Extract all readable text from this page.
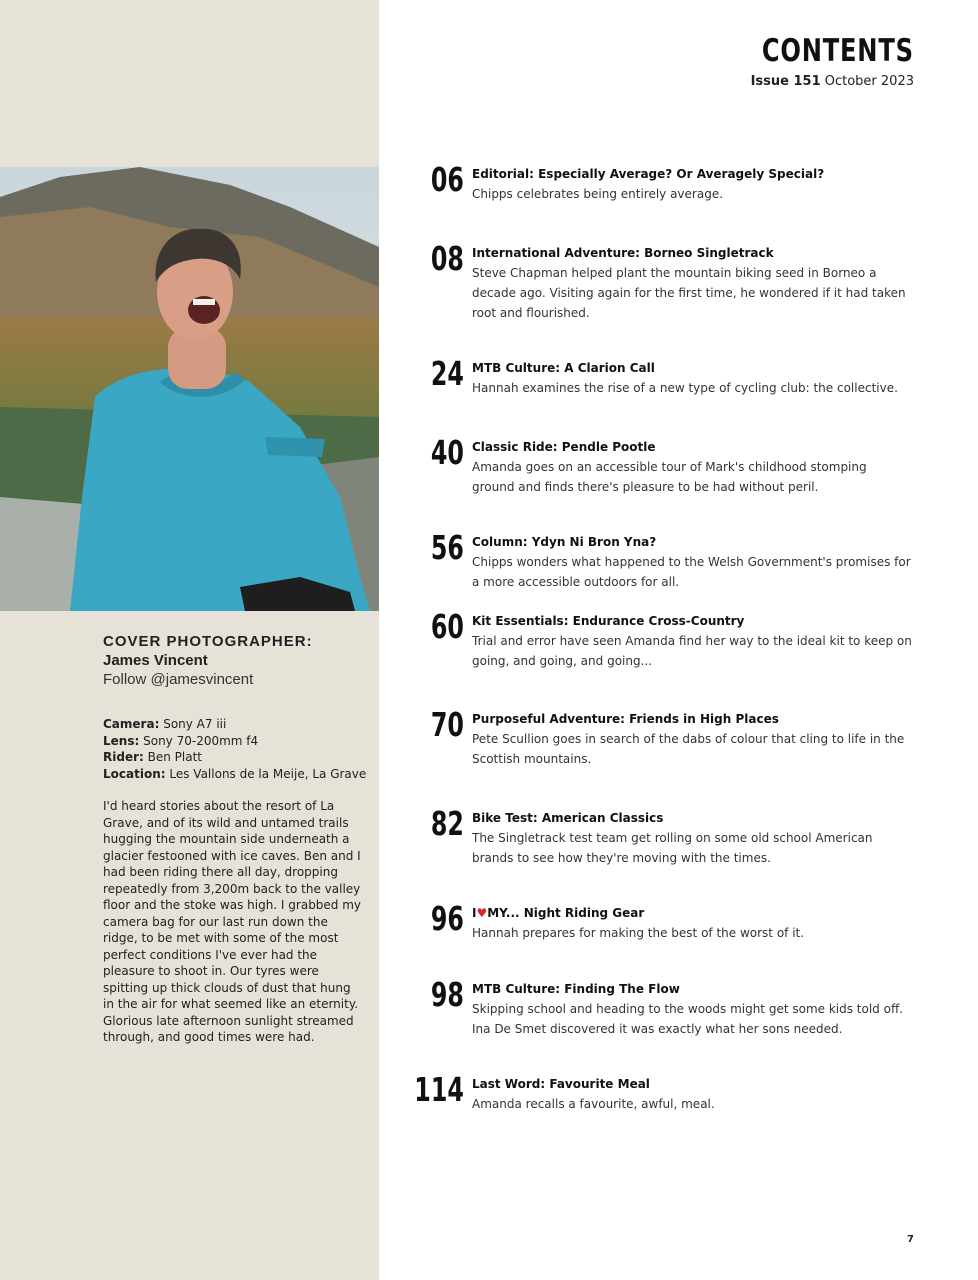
COVER PHOTOGRAPHER:

James Vincent

Follow @jamesvincent

Camera: Sony A7 iii
Lens: Sony 70-200mm f4
Rider: Ben Platt
Location: Les Vallons de la Meije, La Grave

I'd heard stories about the resort of La Grave, and of its wild and untamed trails hugging the mountain side underneath a glacier festooned with ice caves. Ben and I had been riding there all day, dropping repeatedly from 3,200m back to the valley floor and the stoke was high. I grabbed my camera bag for our last run down the ridge, to be met with some of the most perfect conditions I've ever had the pleasure to shoot in. Our tyres were spitting up thick clouds of dust that hung in the air for what seemed like an eternity. Glorious late afternoon sunlight streamed through, and good times were had.

CONTENTS

Issue 151 October 2023
06 Editorial: Especially Average? Or Averagely Special?
Chipps celebrates being entirely average.
08 International Adventure: Borneo Singletrack
Steve Chapman helped plant the mountain biking seed in Borneo a decade ago. Visiting again for the first time, he wondered if it had taken root and flourished.
24 MTB Culture: A Clarion Call
Hannah examines the rise of a new type of cycling club: the collective.
40 Classic Ride: Pendle Pootle
Amanda goes on an accessible tour of Mark's childhood stomping ground and finds there's pleasure to be had without peril.
56 Column: Ydyn Ni Bron Yna?
Chipps wonders what happened to the Welsh Government's promises for a more accessible outdoors for all.
60 Kit Essentials: Endurance Cross-Country
Trial and error have seen Amanda find her way to the ideal kit to keep on going, and going, and going...
70 Purposeful Adventure: Friends in High Places
Pete Scullion goes in search of the dabs of colour that cling to life in the Scottish mountains.
82 Bike Test: American Classics
The Singletrack test team get rolling on some old school American brands to see how they're moving with the times.
96 I♥MY... Night Riding Gear
Hannah prepares for making the best of the worst of it.
98 MTB Culture: Finding The Flow
Skipping school and heading to the woods might get some kids told off. Ina De Smet discovered it was exactly what her sons needed.
114 Last Word: Favourite Meal
Amanda recalls a favourite, awful, meal.
7
